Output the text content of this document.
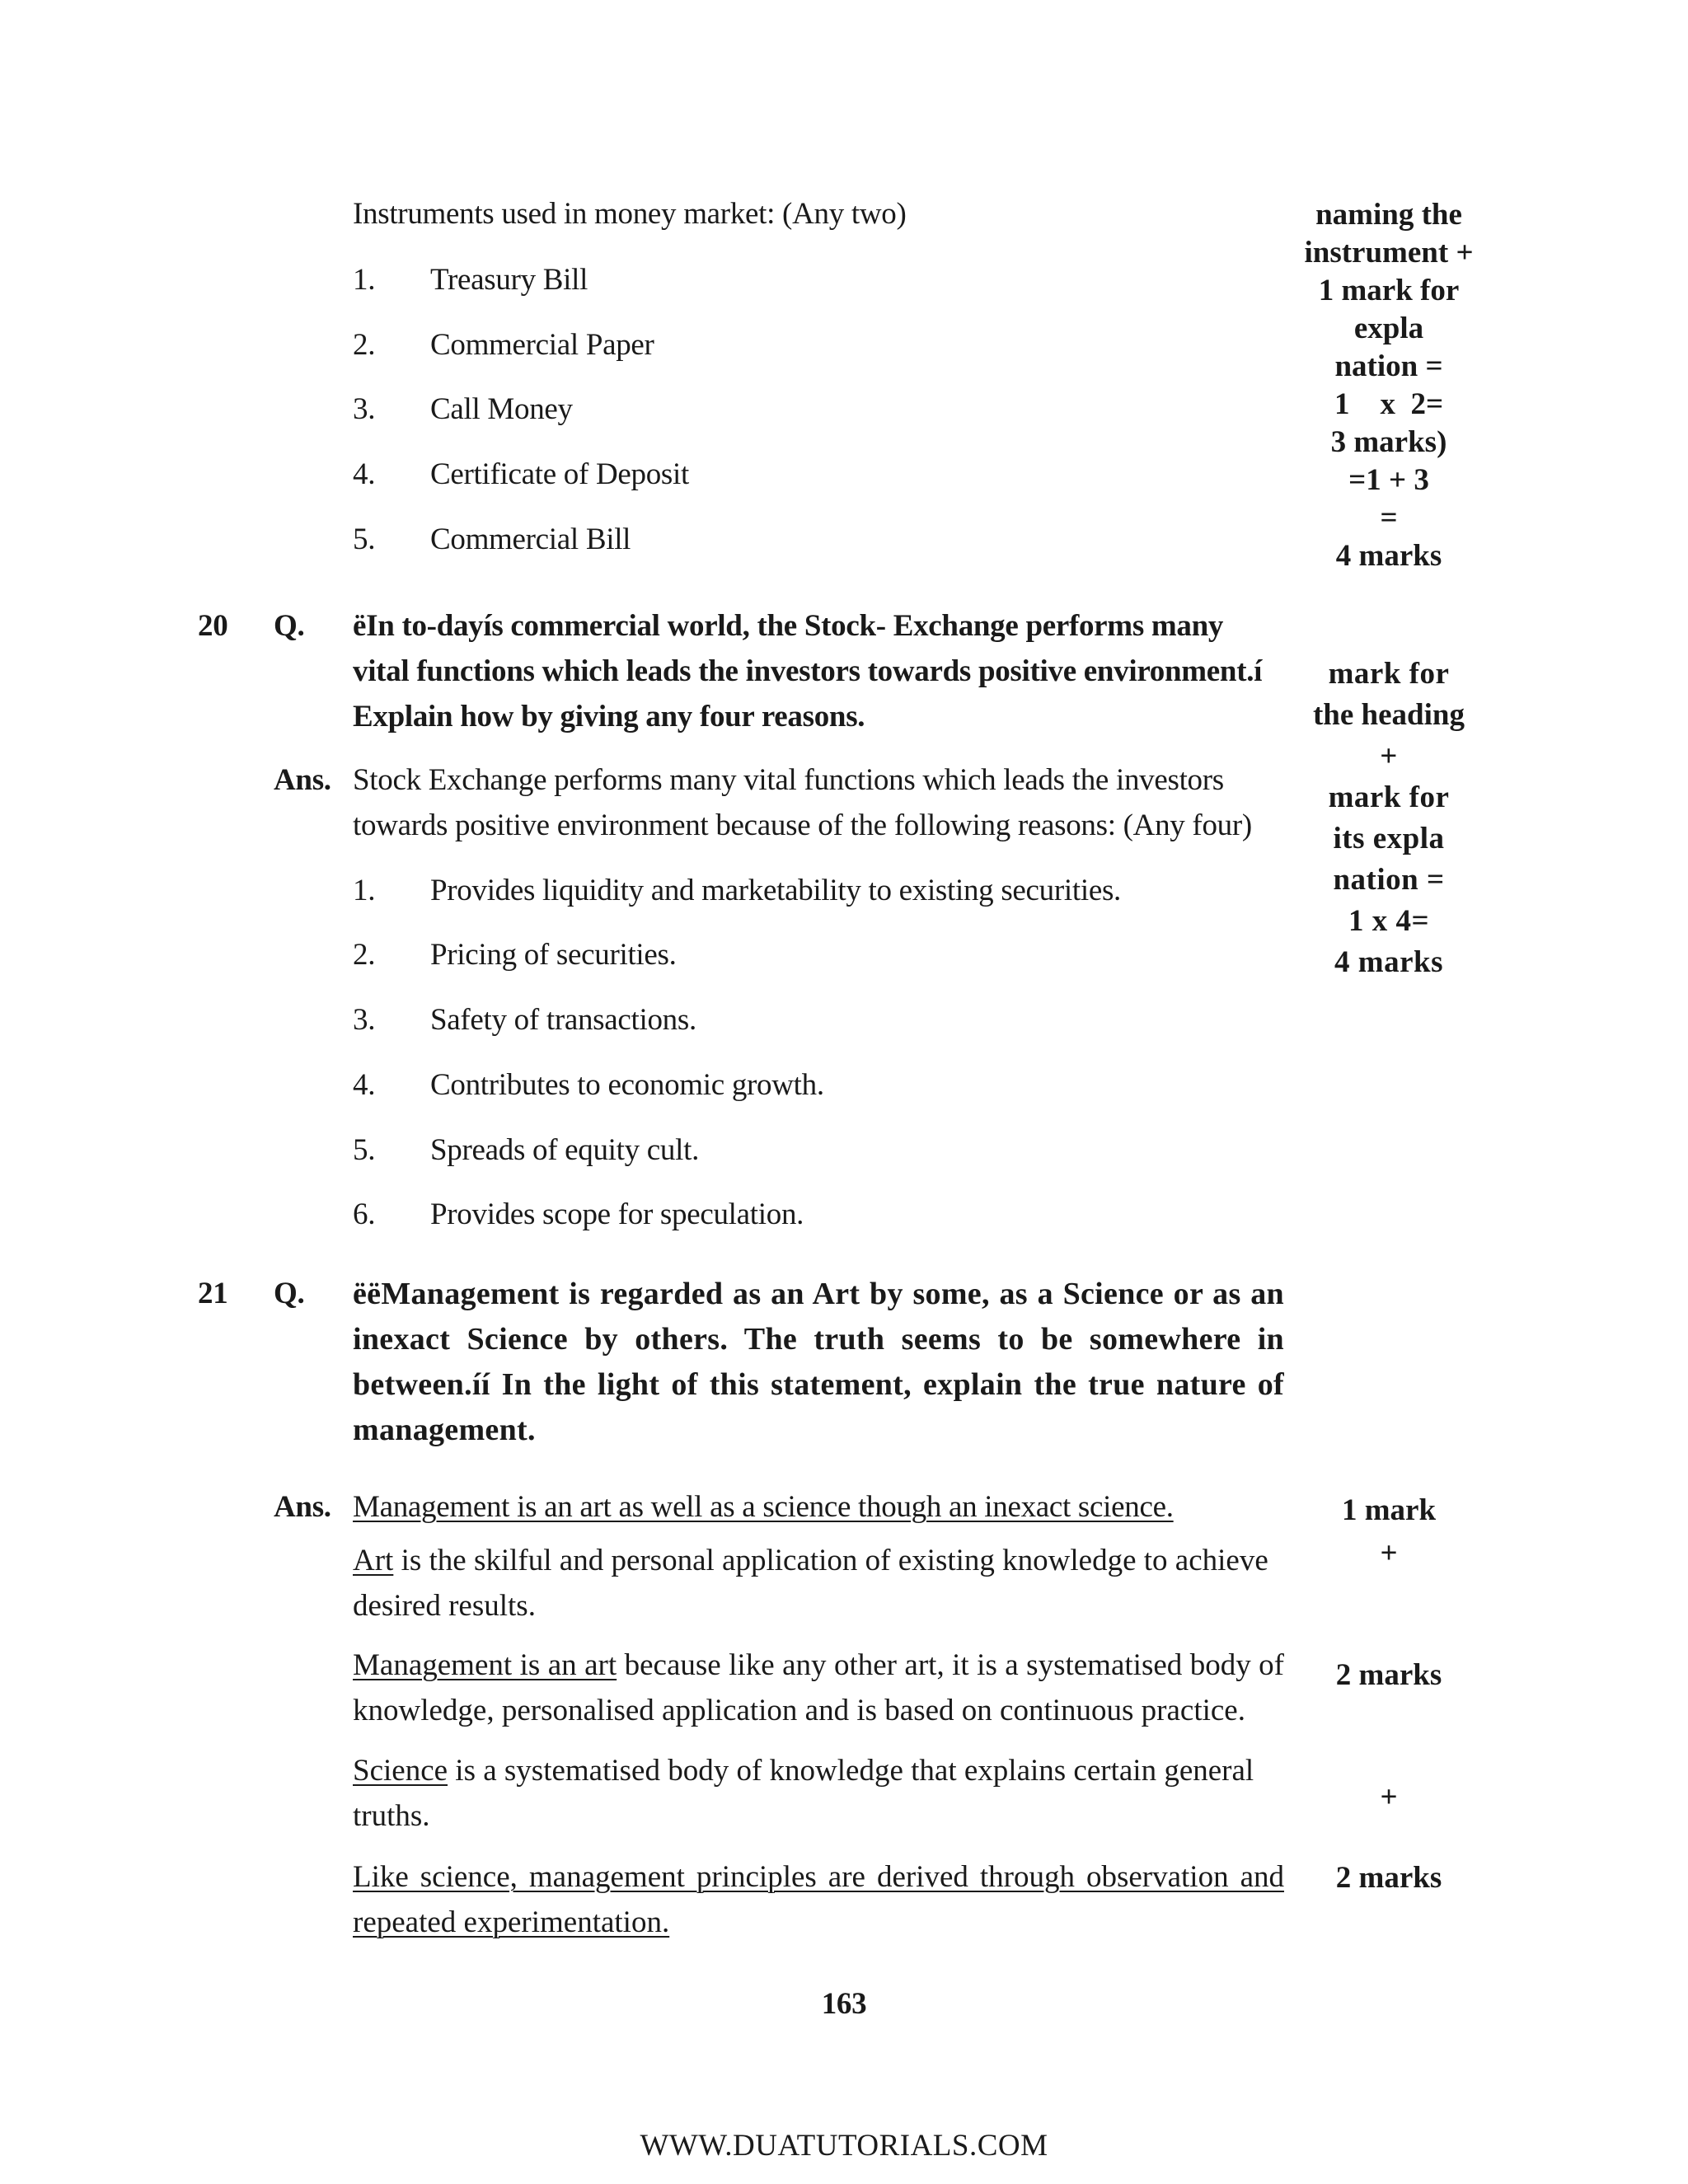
Instruments used in money market: (Any two)
1. Treasury Bill
2. Commercial Paper
3. Call Money
4. Certificate of Deposit
5. Commercial Bill
naming the
instrument +
1 mark for
expla
nation =
1    x  2=
3 marks)
=1 + 3
=
4 marks
20 Q. ëIn to-dayís commercial world, the Stock- Exchange performs many
vital functions which leads the investors towards positive environment.í
Explain how by giving any four reasons.
Ans. Stock Exchange performs many vital functions which leads the investors
towards positive environment because of the following reasons: (Any four)
1. Provides liquidity and marketability to existing securities.
2. Pricing of securities.
3. Safety of transactions.
4. Contributes to economic growth.
5. Spreads of equity cult.
6. Provides scope for speculation.
mark for
the heading
+
mark for
its expla
nation =
1 x 4=
4 marks
21 Q. ëëManagement is regarded as an Art by some, as a Science or as an inexact Science by others. The truth seems to be somewhere in between.íí In the light of this statement, explain the true nature of management.
Ans. Management is an art as well as a science though an inexact science.
Art is the skilful and personal application of existing knowledge to achieve desired results.
Management is an art because like any other art, it is a systematised body of knowledge, personalised application and is based on continuous practice.
Science is a systematised body of knowledge that explains certain general truths.
Like science, management principles are derived through observation and repeated experimentation.
1 mark
+
2 marks
+
2 marks
163
WWW.DUATUTORIALS.COM
